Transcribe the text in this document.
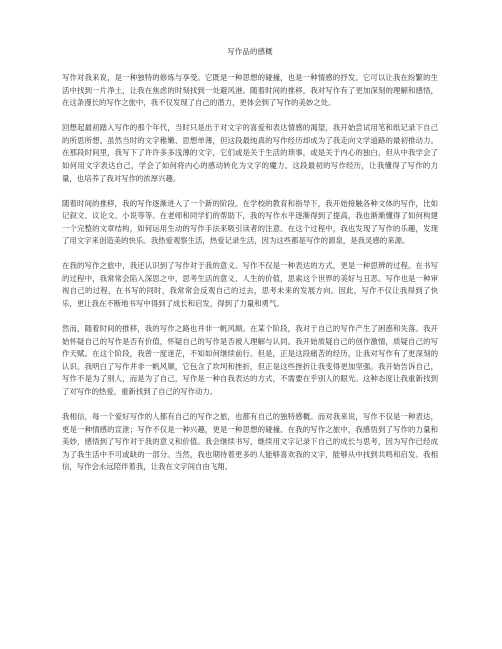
写作品的感概

写作对我来说，是一种独特的修炼与享受。它既是一种思想的碰撞，也是一种情感的抒发。它可以让我在纷繁的生活中找到一片净土，让我在焦虑的时刻找到一处避风港。随着时间的推移，我对写作有了更加深刻的理解和感悟，在这条漫长的写作之旅中，我不仅发现了自己的潜力，更体会到了写作的美妙之处。

回想起最初踏入写作的那个年代，当时只是出于对文字的喜爱和表达情感的渴望，我开始尝试用笔和纸记录下自己的所思所想。虽然当时的文字稚嫩、思想单薄，但这段最纯真的写作经历却成为了我走向文学道路的最初推动力。在那段时间里，我写下了许许多多浅薄的文字，它们或是关于生活的琐事，或是关于内心的独白，但从中我学会了如何用文字表达自己，学会了如何将内心的感动转化为文字的魔力。这段最初的写作经历，让我懂得了写作的力量，也培养了我对写作的浓厚兴趣。

随着时间的推移，我的写作逐渐进入了一个新的阶段。在学校的教育和指导下，我开始接触各种文体的写作，比如记叙文、议论文、小说等等。在老师和同学们的帮助下，我的写作水平逐渐得到了提高，我也渐渐懂得了如何构建一个完整的文章结构，如何运用生动的写作手法来吸引读者的注意。在这个过程中，我也发现了写作的乐趣，发现了用文字来创造美的快乐。我热爱观察生活，热爱记录生活，因为这些都是写作的源泉，是我灵感的来源。

在我的写作之旅中，我还认识到了写作对于我的意义。写作不仅是一种表达的方式，更是一种思辨的过程。在书写的过程中，我常常会陷入深思之中，思考生活的意义、人生的价值，思索这个世界的美好与丑恶。写作也是一种审视自己的过程，在书写的同时，我常常会反观自己的过去，思考未来的发展方向。因此，写作不仅让我得到了快乐，更让我在不断地书写中得到了成长和启发，得到了力量和勇气。

然而，随着时间的推移，我的写作之路也并非一帆风顺。在某个阶段，我对于自己的写作产生了困惑和失落。我开始怀疑自己的写作是否有价值，怀疑自己的写作是否被人理解与认同。我开始质疑自己的创作激情，质疑自己的写作天赋。在这个阶段，我曾一度迷茫，不知如何继续前行。但是，正是这段痛苦的经历，让我对写作有了更深刻的认识。我明白了写作并非一帆风顺，它包含了坎坷和挫折，但正是这些挫折让我变得更加坚强。我开始告诉自己，写作不是为了别人，而是为了自己，写作是一种自我表达的方式，不需要在乎别人的眼光。这种态度让我重新找到了对写作的热爱，重新找到了自己的写作动力。

我相信，每一个爱好写作的人都有自己的写作之旅，也都有自己的独特感概。而对我来说，写作不仅是一种表达，更是一种情感的宣泄；写作不仅是一种兴趣，更是一种思想的碰撞。在我的写作之旅中，我感悟到了写作的力量和美妙，感悟到了写作对于我的意义和价值。我会继续书写，继续用文字记录下自己的成长与思考，因为写作已经成为了我生活中不可或缺的一部分。当然，我也期待着更多的人能够喜欢我的文字，能够从中找到共鸣和启发。我相信，写作会永远陪伴着我，让我在文字间自由飞翔。
